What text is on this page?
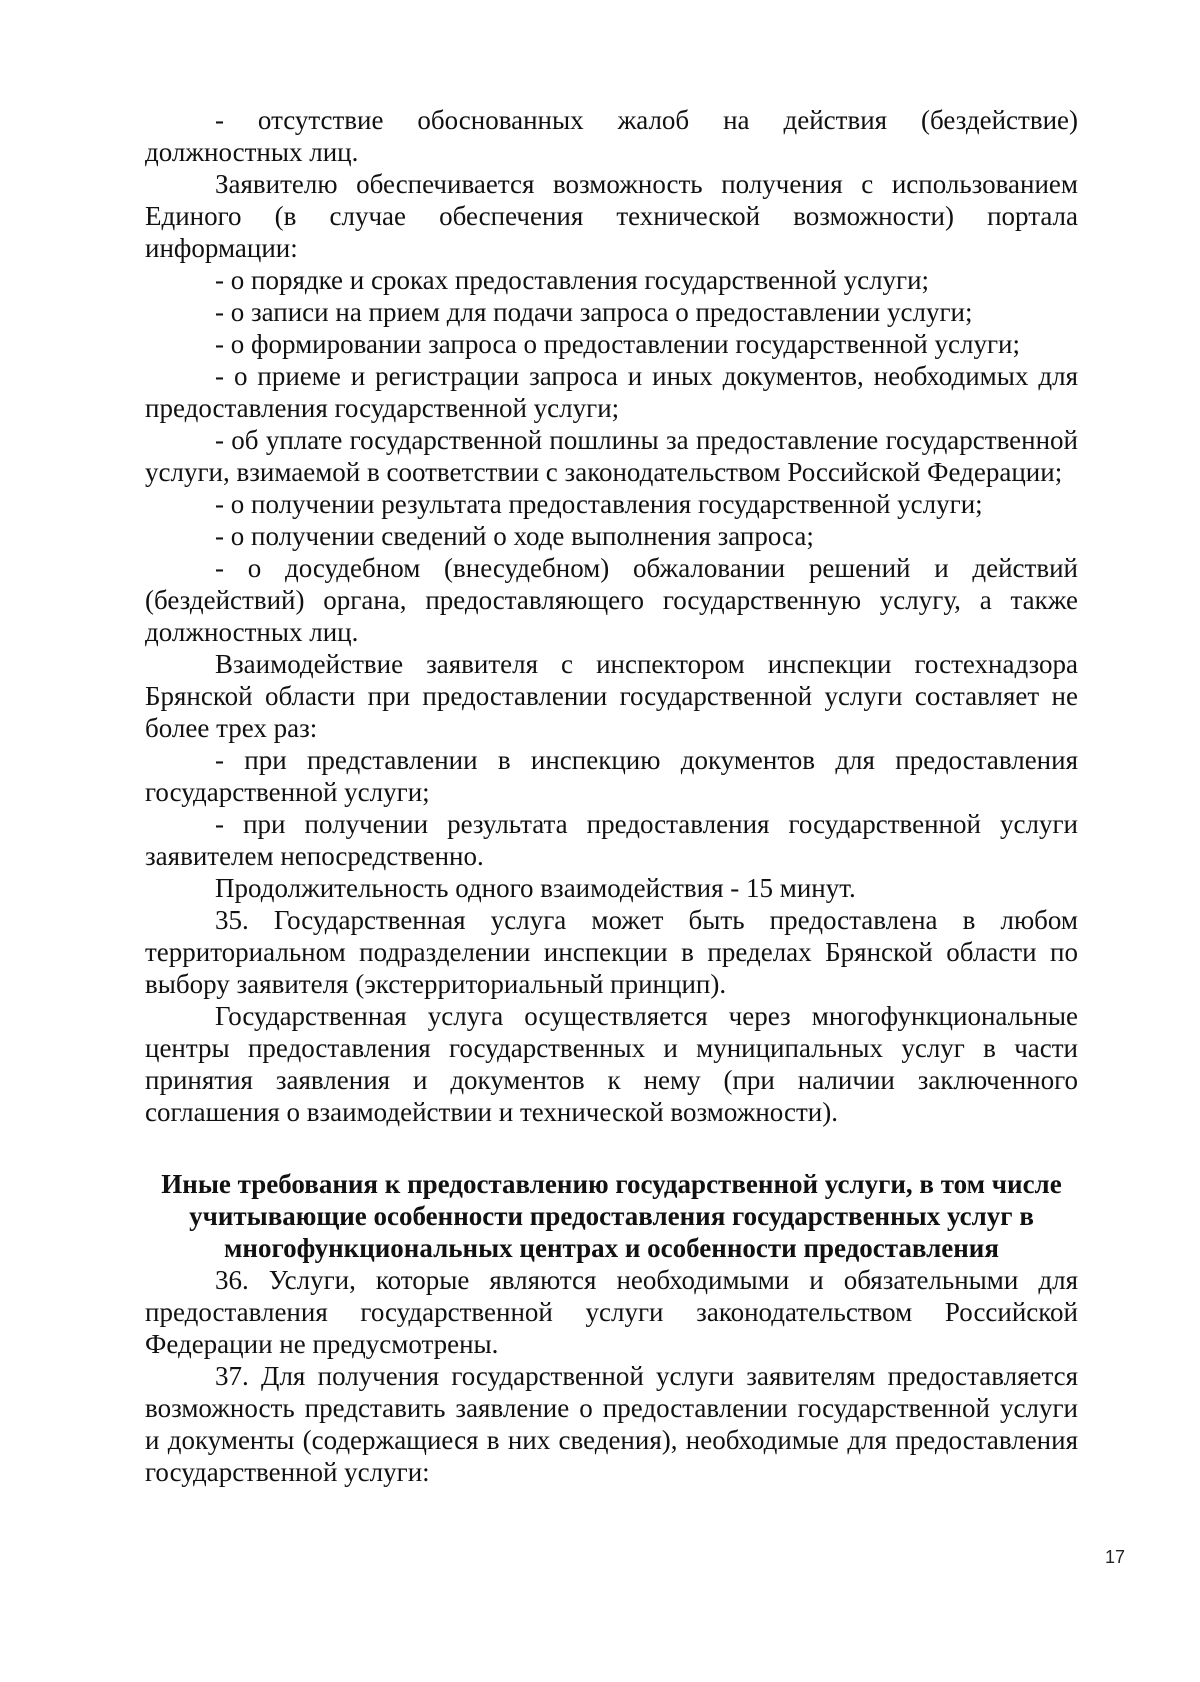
- отсутствие обоснованных жалоб на действия (бездействие) должностных лиц.

Заявителю обеспечивается возможность получения с использованием Единого (в случае обеспечения технической возможности) портала информации:

- о порядке и сроках предоставления государственной услуги;

- о записи на прием для подачи запроса о предоставлении услуги;

- о формировании запроса о предоставлении государственной услуги;

- о приеме и регистрации запроса и иных документов, необходимых для предоставления государственной услуги;

- об уплате государственной пошлины за предоставление государственной услуги, взимаемой в соответствии с законодательством Российской Федерации;

- о получении результата предоставления государственной услуги;

- о получении сведений о ходе выполнения запроса;

- о досудебном (внесудебном) обжаловании решений и действий (бездействий) органа, предоставляющего государственную услугу, а также должностных лиц.

Взаимодействие заявителя с инспектором инспекции гостехнадзора Брянской области при предоставлении государственной услуги составляет не более трех раз:

- при представлении в инспекцию документов для предоставления государственной услуги;

- при получении результата предоставления государственной услуги заявителем непосредственно.

Продолжительность одного взаимодействия - 15 минут.

35. Государственная услуга может быть предоставлена в любом территориальном подразделении инспекции в пределах Брянской области по выбору заявителя (экстерриториальный принцип).

Государственная услуга осуществляется через многофункциональные центры предоставления государственных и муниципальных услуг в части принятия заявления и документов к нему (при наличии заключенного соглашения о взаимодействии и технической возможности).

Иные требования к предоставлению государственной услуги, в том числе учитывающие особенности предоставления государственных услуг в многофункциональных центрах и особенности предоставления

36. Услуги, которые являются необходимыми и обязательными для предоставления государственной услуги законодательством Российской Федерации не предусмотрены.

37. Для получения государственной услуги заявителям предоставляется возможность представить заявление о предоставлении государственной услуги и документы (содержащиеся в них сведения), необходимые для предоставления государственной услуги:

17
